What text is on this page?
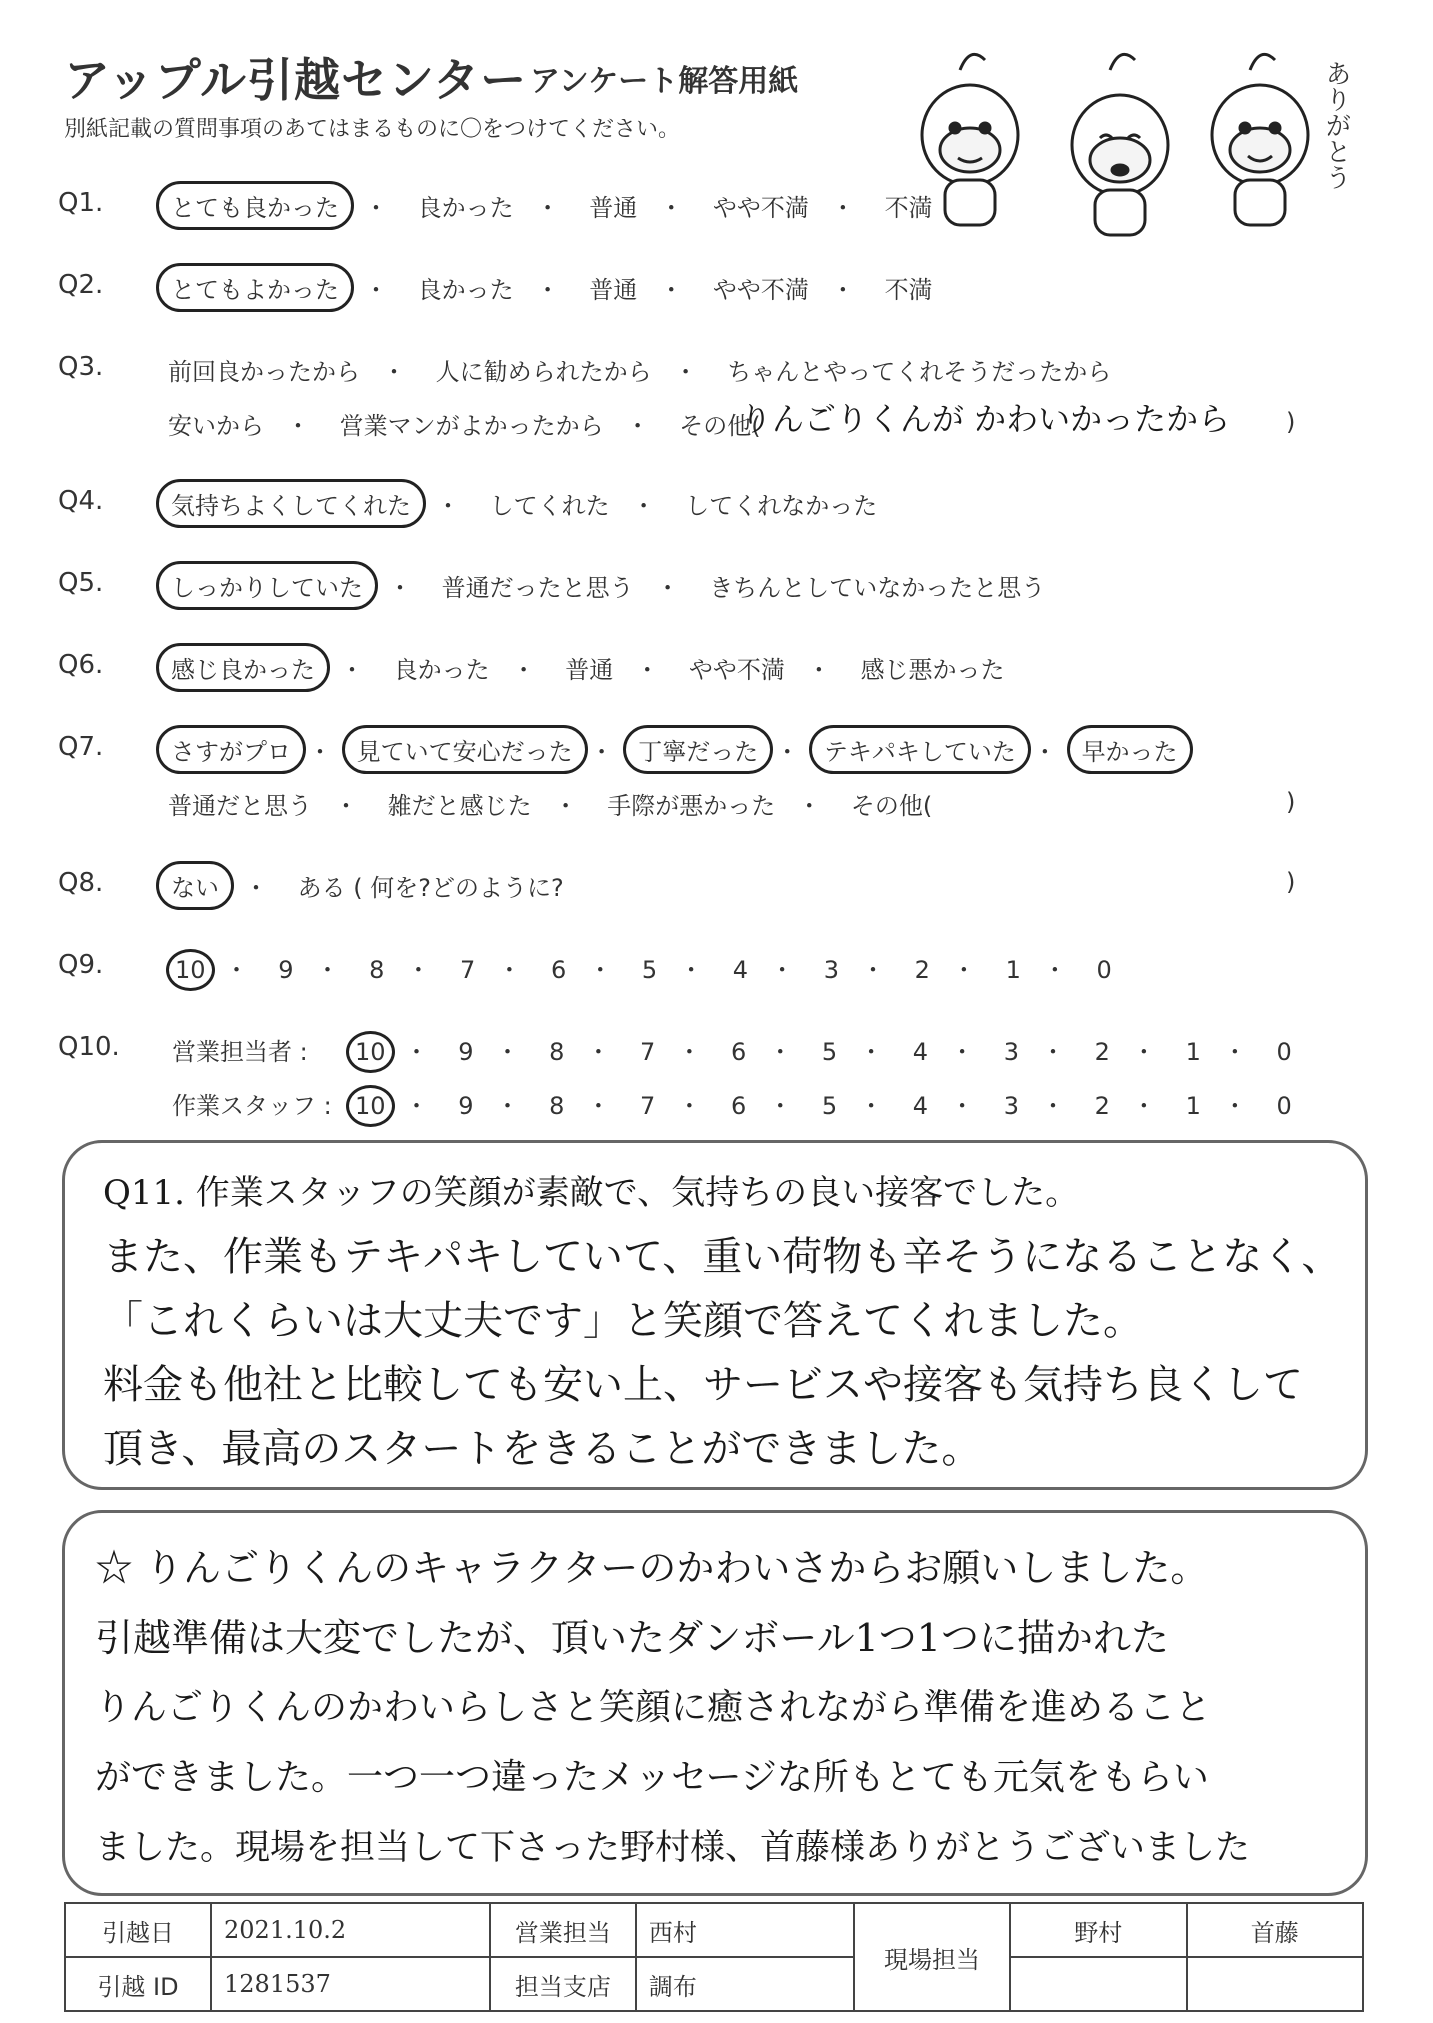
アップル引越センター アンケート解答用紙
別紙記載の質問事項のあてはまるものに〇をつけてください。	ありがとう
Q1.	とても良かった ・ 良かった ・ 普通 ・ やや不満 ・ 不満
Q2.	とてもよかった ・ 良かった ・ 普通 ・ やや不満 ・ 不満
Q3.	前回良かったから ・ 人に勧められたから ・ ちゃんとやってくれそうだったから
安いから ・ 営業マンがよかったから ・ その他(
りんごりくんが かわいかったから )
Q4.	気持ちよくしてくれた ・ してくれた ・ してくれなかった
Q5.	しっかりしていた ・ 普通だったと思う ・ きちんとしていなかったと思う
Q6.	感じ良かった ・ 良かった ・ 普通 ・ やや不満 ・ 感じ悪かった
Q7.	さすがプロ ・ 見ていて安心だった ・ 丁寧だった ・ テキパキしていた ・ 早かった
普通だと思う ・ 雑だと感じた ・ 手際が悪かった ・ その他(	)
Q8.	ない ・ ある ( 何を?どのように?	)
Q9.	10 ・ 9 ・ 8 ・ 7 ・ 6 ・ 5 ・ 4 ・ 3 ・ 2 ・ 1 ・ 0
Q10. 営業担当者 : 10 ・ 9 ・ 8 ・ 7 ・ 6 ・ 5 ・ 4 ・ 3 ・ 2 ・ 1 ・ 0
作業スタッフ : 10 ・ 9 ・ 8 ・ 7 ・ 6 ・ 5 ・ 4 ・ 3 ・ 2 ・ 1 ・ 0
Q11. 作業スタッフの笑顔が素敵で、気持ちの良い接客でした。
また、作業もテキパキしていて、重い荷物も辛そうになることなく、
「これくらいは大丈夫です」と笑顔で答えてくれました。
料金も他社と比較しても安い上、サービスや接客も気持ち良くして
頂き、最高のスタートをきることができました。
☆ りんごりくんのキャラクターのかわいさからお願いしました。
引越準備は大変でしたが、頂いたダンボール1つ1つに描かれた
りんごりくんのかわいらしさと笑顔に癒されながら準備を進めること
ができました。一つ一つ違ったメッセージな所もとても元気をもらい
ました。現場を担当して下さった野村様、首藤様ありがとうございました
引越日	2021.10.2	営業担当	西村	現場担当	野村	首藤
引越 ID	1281537	担当支店	調布			
